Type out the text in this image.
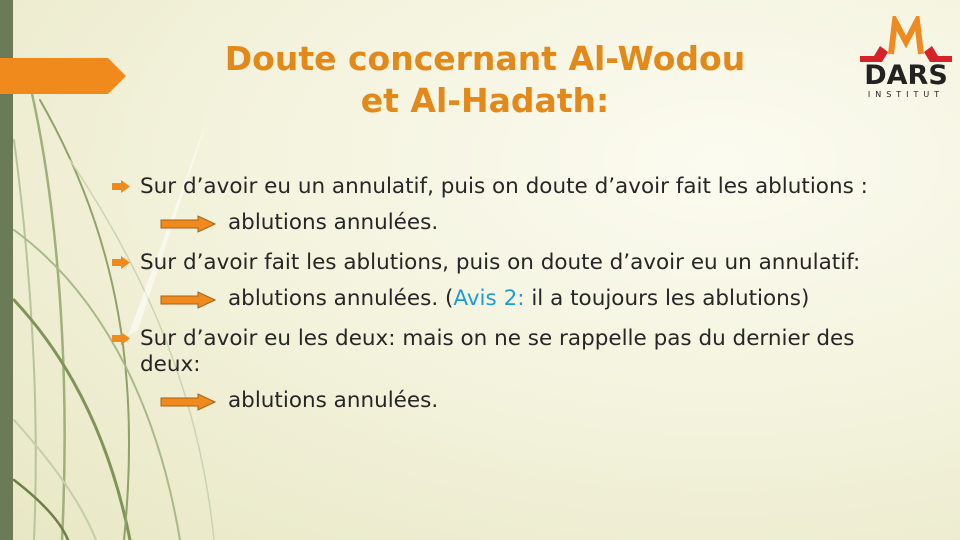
Doute concernant Al-Wodou
et Al-Hadath:
DARS
INSTITUT
Sur d’avoir eu un annulatif, puis on doute d’avoir fait les ablutions :
ablutions annulées.
Sur d’avoir fait les ablutions, puis on doute d’avoir eu un annulatif:
ablutions annulées. (Avis 2: il a toujours les ablutions)
Sur d’avoir eu les deux: mais on ne se rappelle pas du dernier des deux:
ablutions annulées.
